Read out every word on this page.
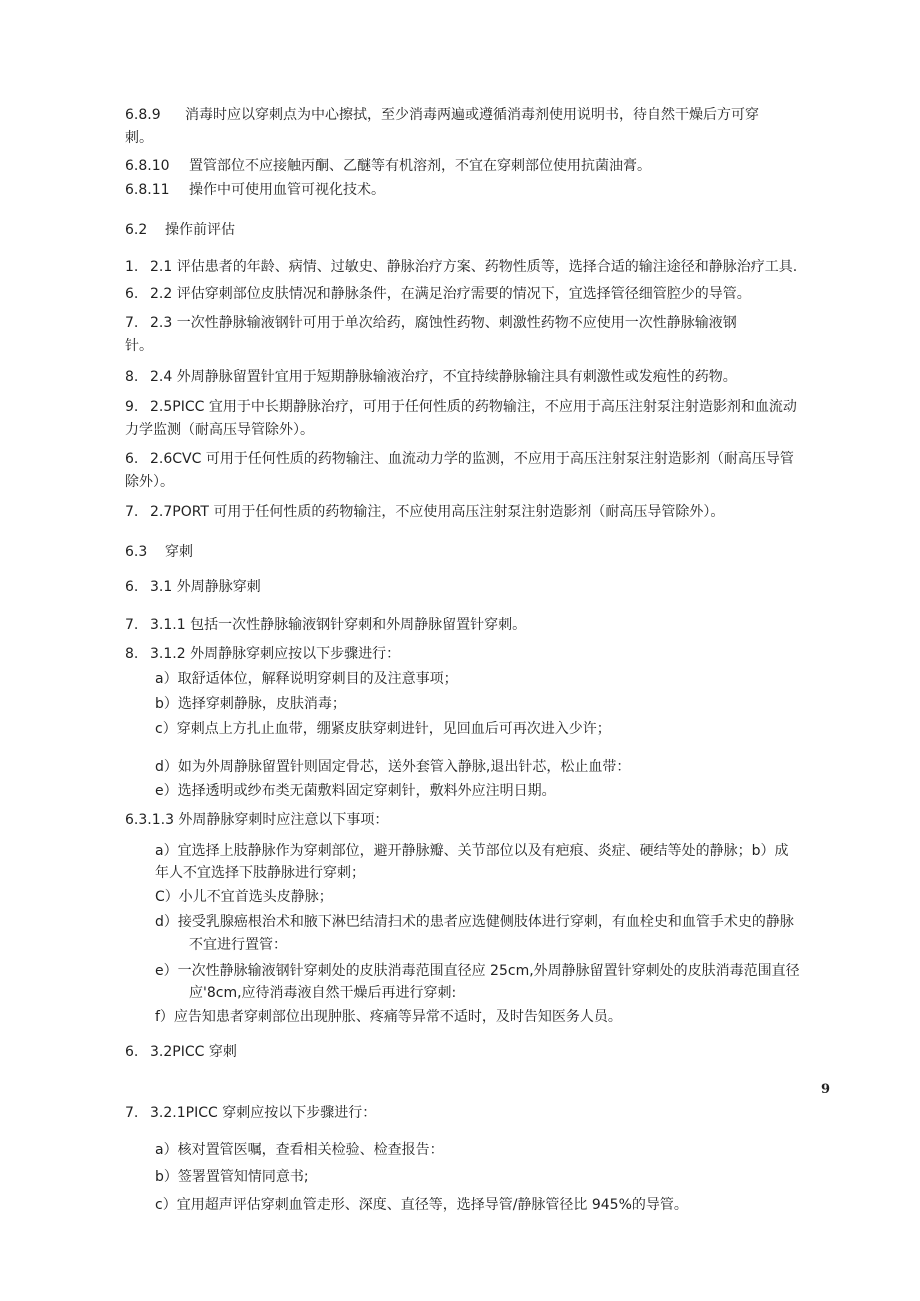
6.8.9 消毒时应以穿刺点为中心擦拭，至少消毒两遍或遵循消毒剂使用说明书，待自然干燥后方可穿
刺。
6.8.10 置管部位不应接触丙酮、乙醚等有机溶剂，不宜在穿刺部位使用抗菌油膏。
6.8.11 操作中可使用血管可视化技术。
6.2 操作前评估
1. 2.1 评估患者的年龄、病情、过敏史、静脉治疗方案、药物性质等，选择合适的输注途径和静脉治疗工具.
6. 2.2 评估穿刺部位皮肤情况和静脉条件，在满足治疗需要的情况下，宜选择管径细管腔少的导管。
7. 2.3 一次性静脉输液钢针可用于单次给药，腐蚀性药物、刺激性药物不应使用一次性静脉输液钢
针。
8. 2.4 外周静脉留置针宜用于短期静脉输液治疗，不宜持续静脉输注具有刺激性或发疱性的药物。
9. 2.5PICC 宜用于中长期静脉治疗，可用于任何性质的药物输注，不应用于高压注射泵注射造影剂和血流动
力学监测（耐高压导管除外）。
6. 2.6CVC 可用于任何性质的药物输注、血流动力学的监测，不应用于高压注射泵注射造影剂（耐高压导管
除外）。
7. 2.7PORT 可用于任何性质的药物输注，不应使用高压注射泵注射造影剂（耐高压导管除外）。
6.3 穿刺
6. 3.1 外周静脉穿刺
7. 3.1.1 包括一次性静脉输液钢针穿刺和外周静脉留置针穿刺。
8. 3.1.2 外周静脉穿刺应按以下步骤进行：
a）取舒适体位，解释说明穿刺目的及注意事项；
b）选择穿刺静脉，皮肤消毒；
c）穿刺点上方扎止血带，绷紧皮肤穿刺进针，见回血后可再次进入少许；
d）如为外周静脉留置针则固定骨芯，送外套管入静脉,退出针芯，松止血带：
e）选择透明或纱布类无菌敷料固定穿刺针，敷料外应注明日期。
6.3.1.3 外周静脉穿刺时应注意以下事项：
a）宜选择上肢静脉作为穿刺部位，避开静脉瓣、关节部位以及有疤痕、炎症、硬结等处的静脉；b）成
年人不宜选择下肢静脉进行穿刺；
C）小儿不宜首选头皮静脉；
d）接受乳腺癌根治术和腋下淋巴结清扫术的患者应选健侧肢体进行穿刺，有血栓史和血管手术史的静脉
不宜进行置管：
e）一次性静脉输液钢针穿刺处的皮肤消毒范围直径应 25cm,外周静脉留置针穿刺处的皮肤消毒范围直径
应'8cm,应待消毒液自然干燥后再进行穿刺:
f）应告知患者穿刺部位出现肿胀、疼痛等异常不适时，及时告知医务人员。
6. 3.2PICC 穿刺
9
7. 3.2.1PICC 穿刺应按以下步骤进行：
a）核对置管医嘱，查看相关检验、检查报告：
b）签署置管知情同意书;
c）宜用超声评估穿刺血管走形、深度、直径等，选择导管/静脉管径比 945%的导管。
